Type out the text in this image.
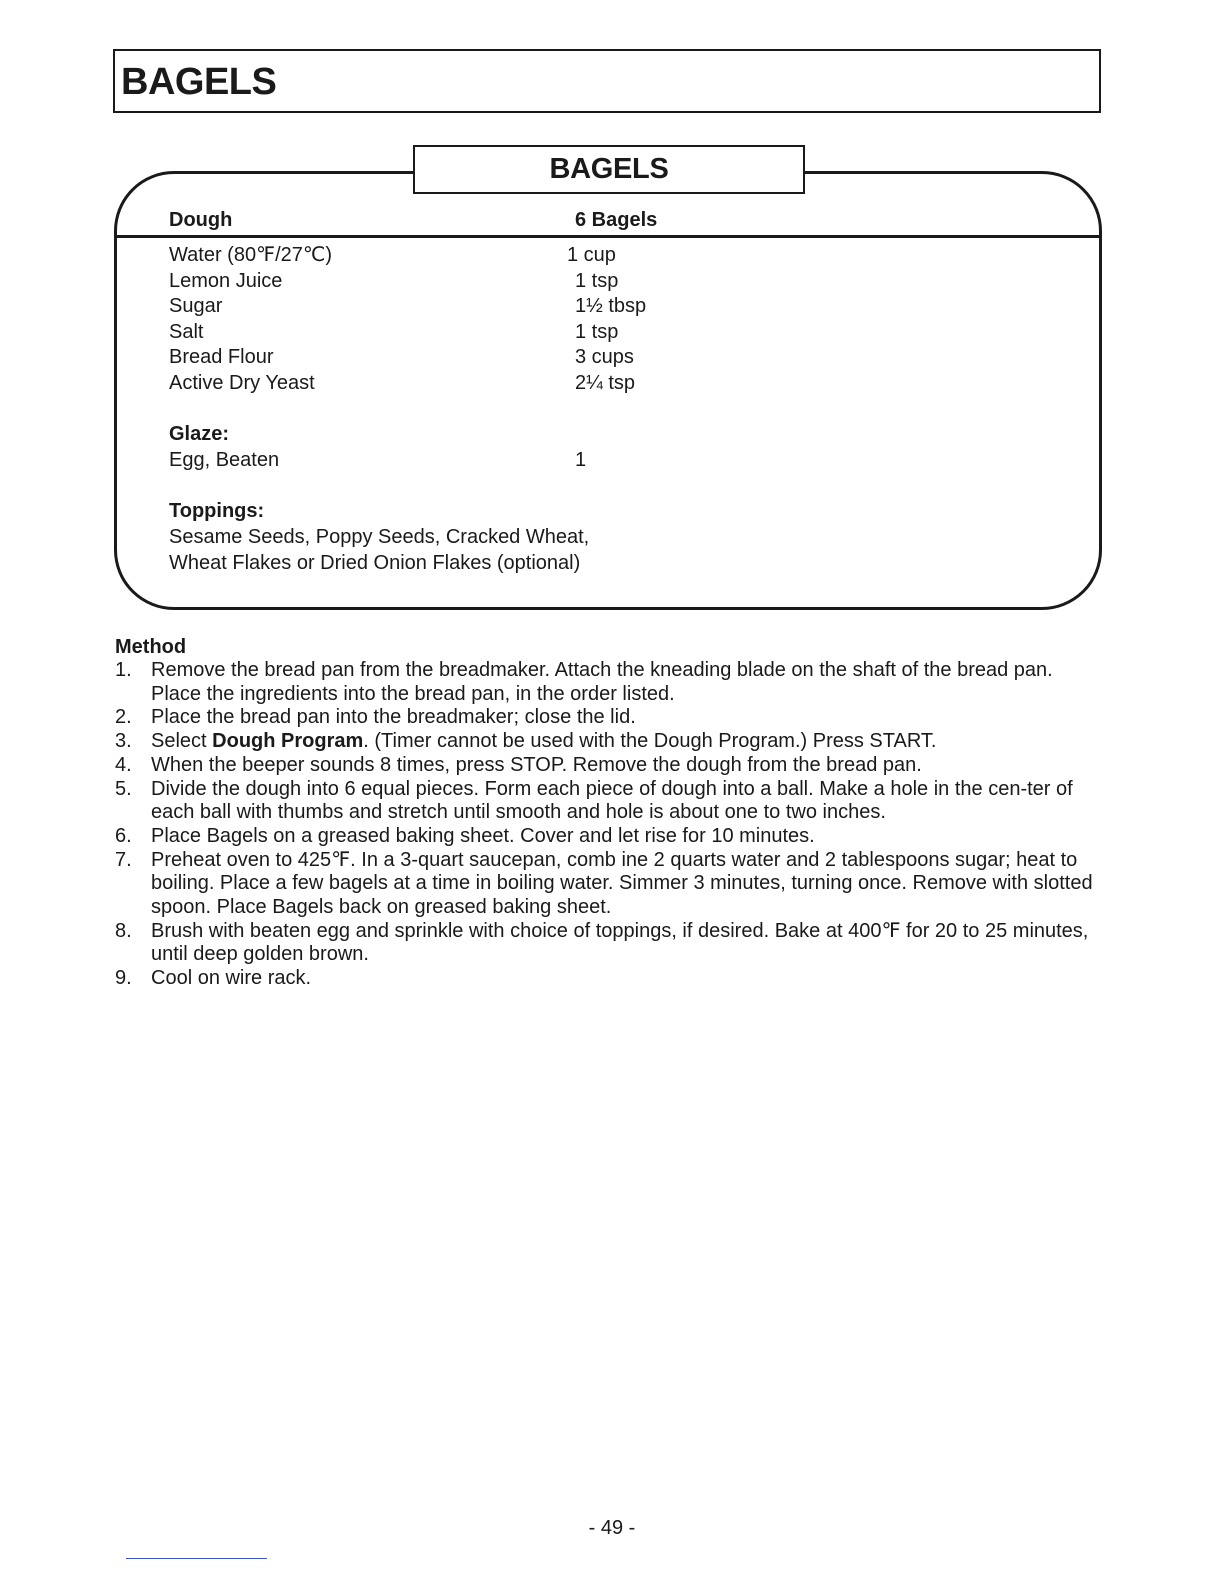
BAGELS
BAGELS
Dough	6 Bagels
Water (80℉/27℃)	1 cup
Lemon Juice	1 tsp
Sugar	1½ tbsp
Salt	1 tsp
Bread Flour	3 cups
Active Dry Yeast	2¼ tsp
Glaze:
Egg, Beaten	1
Toppings:

Sesame Seeds, Poppy Seeds, Cracked Wheat, Wheat Flakes or Dried Onion Flakes (optional)

Method
1. Remove the bread pan from the breadmaker. Attach the kneading blade on the shaft of the bread pan. Place the ingredients into the bread pan, in the order listed.
2. Place the bread pan into the breadmaker; close the lid.
3. Select Dough Program. (Timer cannot be used with the Dough Program.) Press START.
4. When the beeper sounds 8 times, press STOP. Remove the dough from the bread pan.
5. Divide the dough into 6 equal pieces. Form each piece of dough into a ball. Make a hole in the cen-ter of each ball with thumbs and stretch until smooth and hole is about one to two inches.
6. Place Bagels on a greased baking sheet. Cover and let rise for 10 minutes.
7. Preheat oven to 425℉. In a 3-quart saucepan, comb ine 2 quarts water and 2 tablespoons sugar; heat to boiling. Place a few bagels at a time in boiling water. Simmer 3 minutes, turning once. Remove with slotted spoon. Place Bagels back on greased baking sheet.
8. Brush with beaten egg and sprinkle with choice of toppings, if desired. Bake at 400℉ for 20 to 25 minutes, until deep golden brown.
9. Cool on wire rack.
- 49 -
